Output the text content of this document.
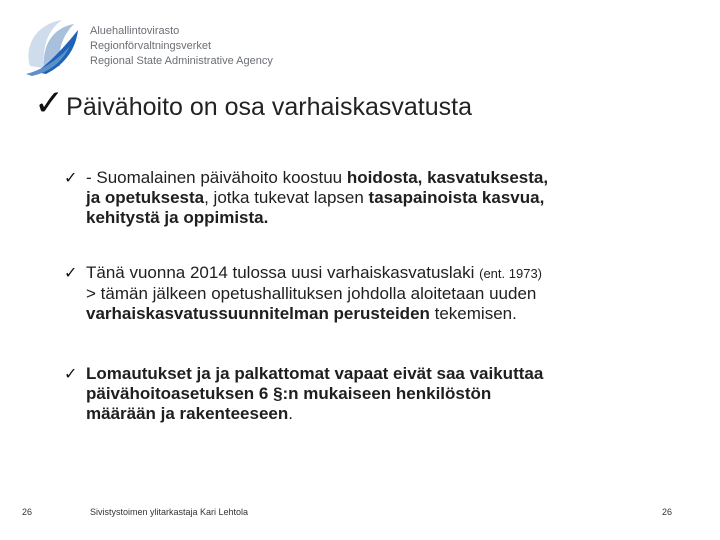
Aluehallintovirasto
Regionförvaltningsverket
Regional State Administrative Agency
✓ Päivähoito on osa varhaiskasvatusta
✓ - Suomalainen päivähoito koostuu hoidosta, kasvatuksesta,
ja opetuksesta, jotka tukevat lapsen tasapainoista kasvua,
kehitystä ja oppimista.
✓ Tänä vuonna 2014 tulossa uusi varhaiskasvatuslaki (ent. 1973)
> tämän jälkeen opetushallituksen johdolla aloitetaan uuden
varhaiskasvatussuunnitelman perusteiden tekemisen.
✓ Lomautukset ja ja palkattomat vapaat eivät saa vaikuttaa
päivähoitoasetuksen 6 §:n mukaiseen henkilöstön
määrään ja rakenteeseen.
26	Sivistystoimen ylitarkastaja Kari Lehtola	26
